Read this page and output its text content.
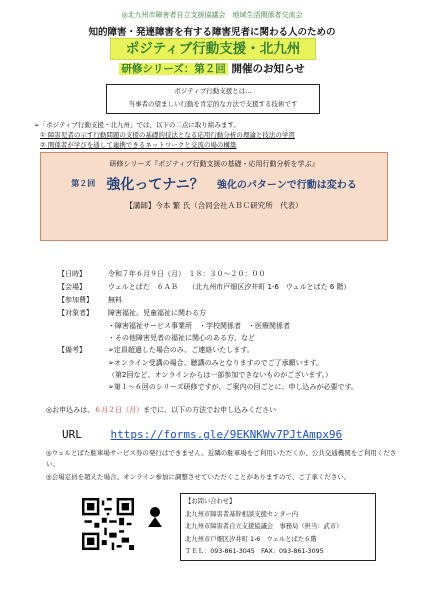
◎北九州市障害者自立支援協議会　地域生活関係者交流会
知的障害・発達障害を有する障害児者に関わる人のための
ポジティブ行動支援・北九州
研修シリーズ：第２回 開催のお知らせ
ポジティブ行動支援とは…
当事者の望ましい行動を肯定的な方法で支援する技術です
➢「ポジティブ行動支援・北九州」では、以下の二点に取り組みます。
① 障害児者の示す行動問題の支援の基礎的技法となる応用行動分析の理論と技法の学習
② 関係者が学びを通して連携できるネットワークと交流の場の構築
研修シリーズ『ポジティブ行動支援の基礎・応用行動分析を学ぶ』
第２回 強化ってナニ？ 強化のパターンで行動は変わる
【講師】今本 繁 氏（合同会社ＡＢＣ研究所　代表）
【日時】	令和７年６月９日（月）　１８：３０～２０：００
【会場】	ウェルとばた　６ＡＢ　　（北九州市戸畑区汐井町 1-6　ウェルとばた 6 階）
【参加費】	無料
【対象者】	障害福祉、児童福祉に関わる方
・障害福祉サービス事業所　・学校関係者　・医療関係者
・その他障害児者の福祉に関心のある方、など
【備考】	➢定員超過した場合のみ、ご連絡いたします。
➢オンライン受講の場合、聴講のみとなりますのでご了承願います。
（第2回など、オンラインからは一部参加できないものがございます。）
➢第１～６回のシリーズ研修ですが、ご案内の回ごとに、申し込みが必要です。
◎お申込みは、６月２日（月）までに、以下の方法でお申し込みください
URL	https://forms.gle/9EKNKWv7PJtAmpx96
◎ウェルとばた駐車場サービス券の発行はできません。近隣の駐車場をご利用いただくか、公共交通機関をご利用ください。
◎会場定員を超えた場合、オンライン参加に調整させていただくことがありますので、ご了承ください。
【お問い合わせ】
北九州市障害者基幹相談支援センター内
北九州市障害者自立支援協議会　事務局（担当：武市）
北九州市戸畑区汐井町 1-6　ウェルとばた６階
ＴＥＬ：093-861-3045　FAX：093-861-3095
